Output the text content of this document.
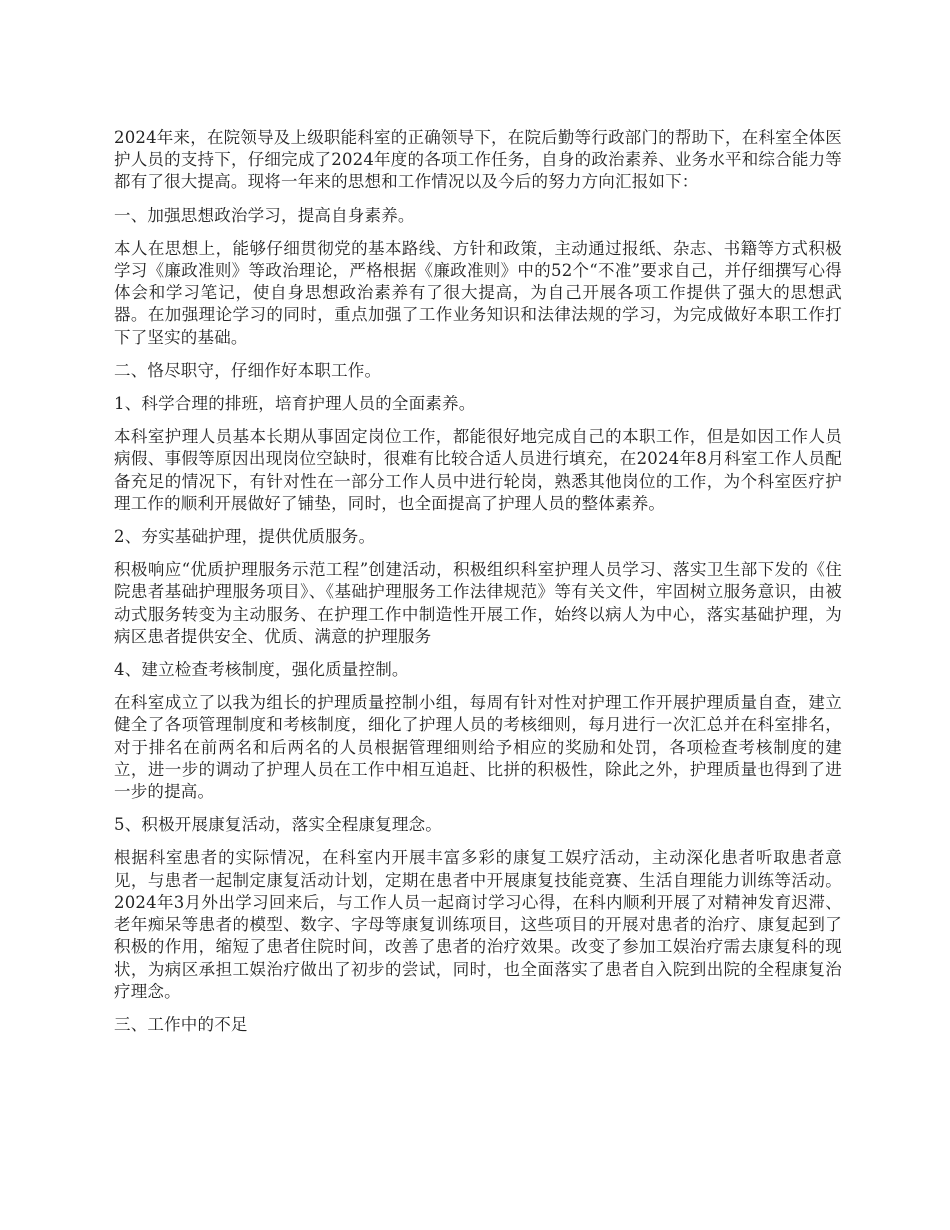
2024年来，在院领导及上级职能科室的正确领导下，在院后勤等行政部门的帮助下，在科室全体医护人员的支持下，仔细完成了2024年度的各项工作任务，自身的政治素养、业务水平和综合能力等都有了很大提高。现将一年来的思想和工作情况以及今后的努力方向汇报如下：

一、加强思想政治学习，提高自身素养。

本人在思想上，能够仔细贯彻党的基本路线、方针和政策，主动通过报纸、杂志、书籍等方式积极学习《廉政准则》等政治理论，严格根据《廉政准则》中的52个“不准”要求自己，并仔细撰写心得体会和学习笔记，使自身思想政治素养有了很大提高，为自己开展各项工作提供了强大的思想武器。在加强理论学习的同时，重点加强了工作业务知识和法律法规的学习，为完成做好本职工作打下了坚实的基础。

二、恪尽职守，仔细作好本职工作。

1、科学合理的排班，培育护理人员的全面素养。

本科室护理人员基本长期从事固定岗位工作，都能很好地完成自己的本职工作，但是如因工作人员病假、事假等原因出现岗位空缺时，很难有比较合适人员进行填充，在2024年8月科室工作人员配备充足的情况下，有针对性在一部分工作人员中进行轮岗，熟悉其他岗位的工作，为个科室医疗护理工作的顺利开展做好了铺垫，同时，也全面提高了护理人员的整体素养。

2、夯实基础护理，提供优质服务。

积极响应“优质护理服务示范工程”创建活动，积极组织科室护理人员学习、落实卫生部下发的《住院患者基础护理服务项目》、《基础护理服务工作法律规范》等有关文件，牢固树立服务意识，由被动式服务转变为主动服务、在护理工作中制造性开展工作，始终以病人为中心，落实基础护理，为病区患者提供安全、优质、满意的护理服务

4、建立检查考核制度，强化质量控制。

在科室成立了以我为组长的护理质量控制小组，每周有针对性对护理工作开展护理质量自查，建立健全了各项管理制度和考核制度，细化了护理人员的考核细则，每月进行一次汇总并在科室排名，对于排名在前两名和后两名的人员根据管理细则给予相应的奖励和处罚，各项检查考核制度的建立，进一步的调动了护理人员在工作中相互追赶、比拼的积极性，除此之外，护理质量也得到了进一步的提高。

5、积极开展康复活动，落实全程康复理念。

根据科室患者的实际情况，在科室内开展丰富多彩的康复工娱疗活动，主动深化患者听取患者意见，与患者一起制定康复活动计划，定期在患者中开展康复技能竞赛、生活自理能力训练等活动。2024年3月外出学习回来后，与工作人员一起商讨学习心得，在科内顺利开展了对精神发育迟滞、老年痴呆等患者的模型、数字、字母等康复训练项目，这些项目的开展对患者的治疗、康复起到了积极的作用，缩短了患者住院时间，改善了患者的治疗效果。改变了参加工娱治疗需去康复科的现状，为病区承担工娱治疗做出了初步的尝试，同时，也全面落实了患者自入院到出院的全程康复治疗理念。

三、工作中的不足
